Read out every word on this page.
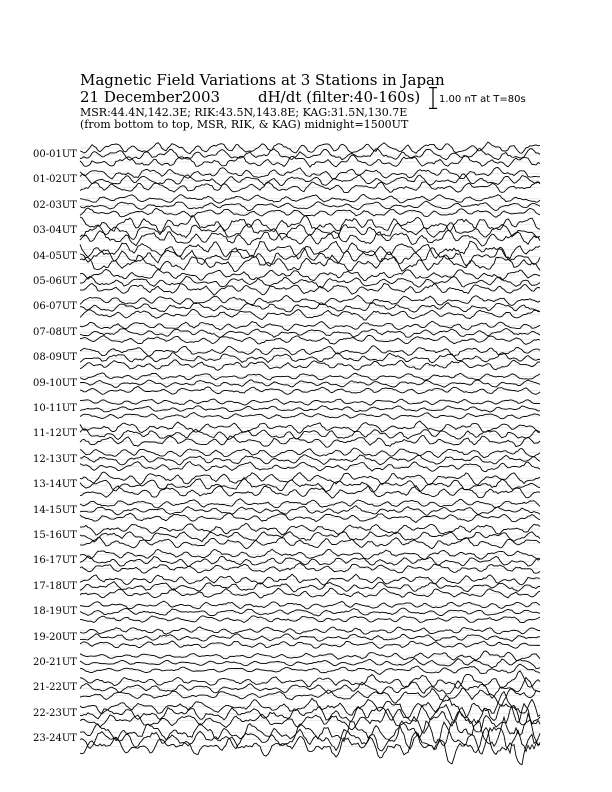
Magnetic Field Variations at 3 Stations in Japan
21 December2003	dH/dt (filter:40-160s)
MSR:44.4N,142.3E; RIK:43.5N,143.8E; KAG:31.5N,130.7E
(from bottom to top, MSR, RIK, & KAG) midnight=1500UT
1.00 nT at T=80s
00-01UT
01-02UT
02-03UT
03-04UT
04-05UT
05-06UT
06-07UT
07-08UT
08-09UT
09-10UT
10-11UT
11-12UT
12-13UT
13-14UT
14-15UT
15-16UT
16-17UT
17-18UT
18-19UT
19-20UT
20-21UT
21-22UT
22-23UT
23-24UT
